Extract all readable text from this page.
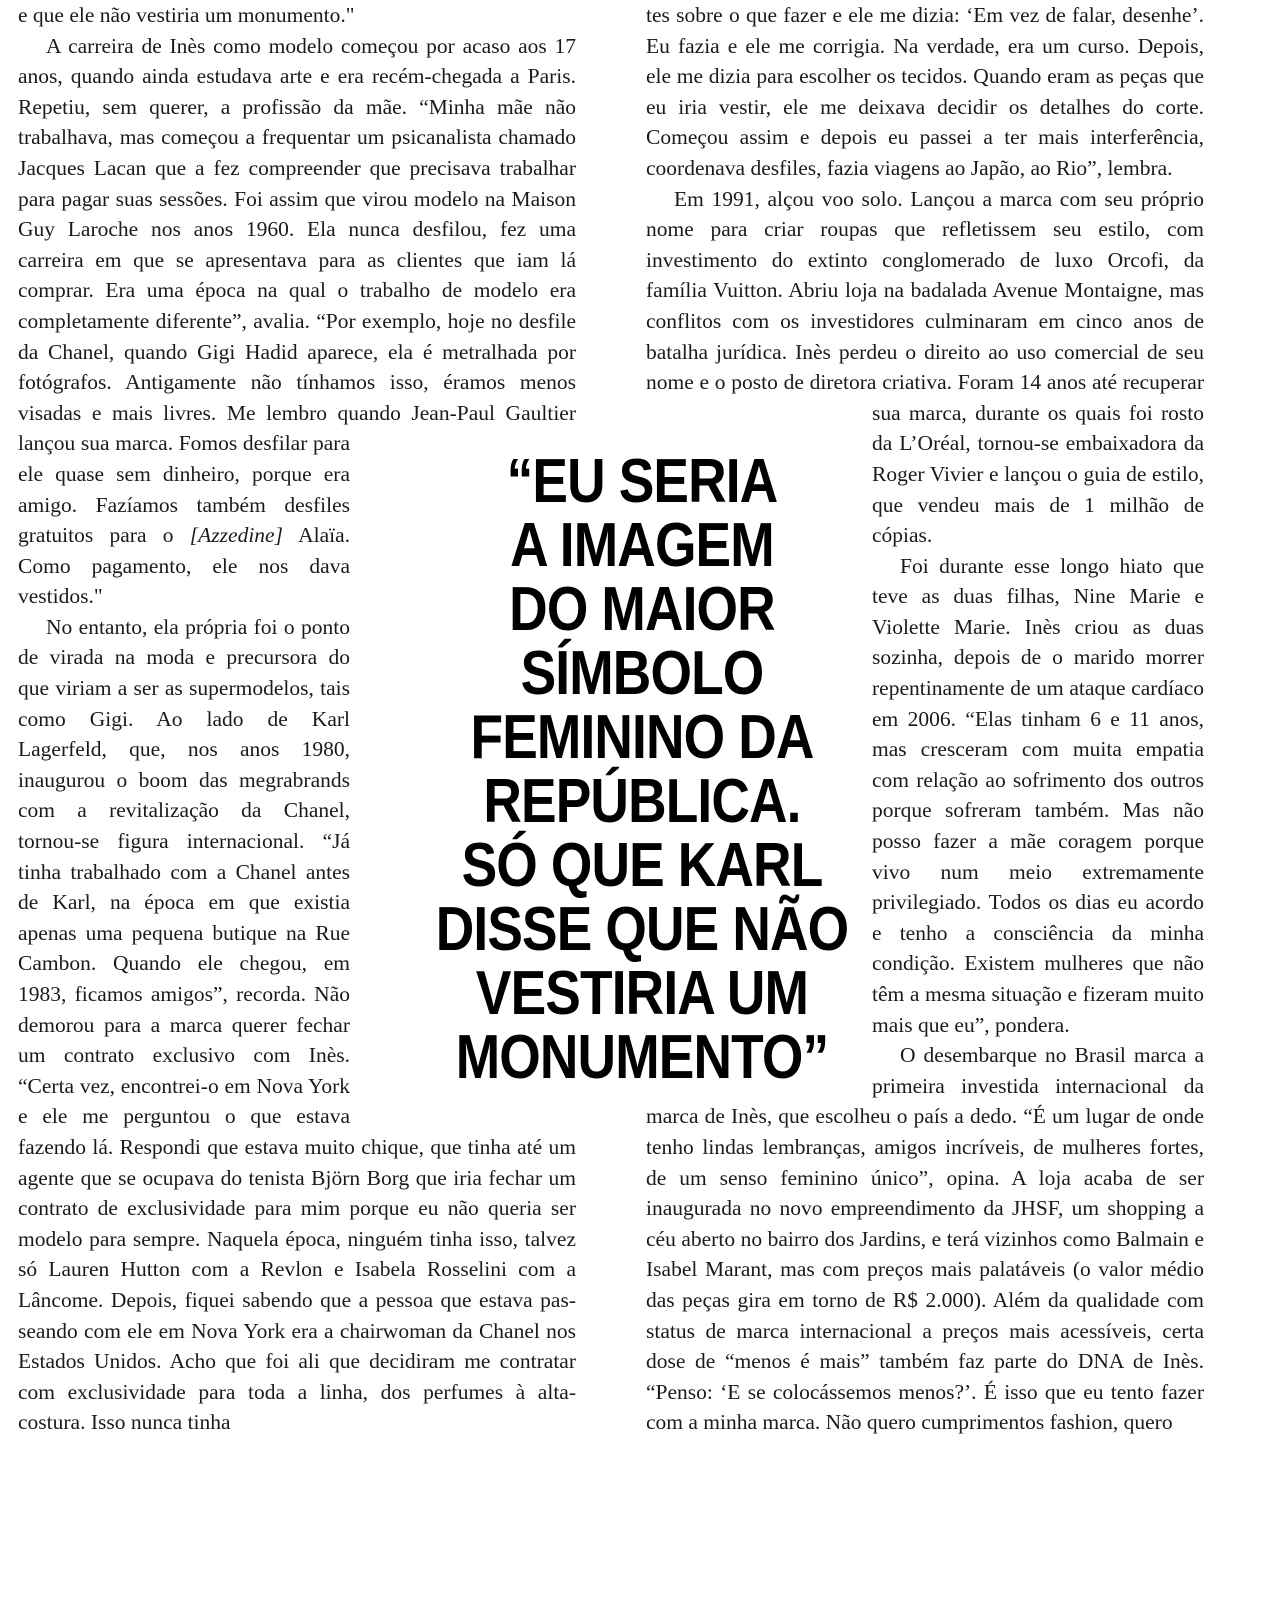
e que ele não vestiria um monumento."

A carreira de Inès como modelo começou por acaso aos 17 anos, quando ainda estudava arte e era recém-chegada a Paris. Repetiu, sem querer, a profissão da mãe. “Minha mãe não trabalhava, mas começou a frequentar um psicanalista chamado Jacques Lacan que a fez compreender que precisava trabalhar para pagar suas sessões. Foi assim que virou modelo na Maison Guy Laroche nos anos 1960. Ela nunca desfilou, fez uma carreira em que se apresentava para as clientes que iam lá comprar. Era uma época na qual o trabalho de modelo era completamente diferente”, avalia. “Por exemplo, hoje no desfile da Chanel, quando Gigi Hadid aparece, ela é metralhada por fotógrafos. Antigamente não tínhamos isso, éramos menos visadas e mais livres. Me lembro quando Jean-Paul Gaultier lançou sua marca. Fomos desfilar para ele quase sem dinheiro, porque era amigo. Fazíamos também desfiles gratuitos para o [Azzedine] Alaïa. Como pagamento, ele nos dava vestidos."

No entanto, ela própria foi o ponto de virada na moda e precursora do que viriam a ser as supermodelos, tais como Gigi. Ao lado de Karl Lagerfeld, que, nos anos 1980, inaugurou o boom das megrabrands com a revitalização da Chanel, tornou-se figura internacional. “Já tinha trabalhado com a Chanel antes de Karl, na época em que existia apenas uma pequena butique na Rue Cambon. Quando ele chegou, em 1983, ficamos amigos”, recorda. Não demorou para a marca querer fechar um contrato exclusivo com Inès. “Certa vez, encontrei-o em Nova York e ele me perguntou o que estava fazendo lá. Respondi que estava muito chique, que tinha até um agente que se ocupava do tenista Björn Borg que iria fechar um contrato de exclusividade para mim porque eu não queria ser modelo para sempre. Naquela época, ninguém tinha isso, talvez só Lauren Hutton com a Revlon e Isabela Rosselini com a Lâncome. Depois, fiquei sabendo que a pessoa que estava passeando com ele em Nova York era a chairwoman da Chanel nos Estados Unidos. Acho que foi ali que decidiram me contratar com exclusividade para toda a linha, dos perfumes à alta-costura. Isso nunca tinha

tes sobre o que fazer e ele me dizia: ‘Em vez de falar, desenhe’. Eu fazia e ele me corrigia. Na verdade, era um curso. Depois, ele me dizia para escolher os tecidos. Quando eram as peças que eu iria vestir, ele me deixava decidir os detalhes do corte. Começou assim e depois eu passei a ter mais interferência, coordenava desfiles, fazia viagens ao Japão, ao Rio”, lembra.

Em 1991, alçou voo solo. Lançou a marca com seu próprio nome para criar roupas que refletissem seu estilo, com investimento do extinto conglomerado de luxo Orcofi, da família Vuitton. Abriu loja na badalada Avenue Montaigne, mas conflitos com os investidores culminaram em cinco anos de batalha jurídica. Inès perdeu o direito ao uso comercial de seu nome e o posto de diretora criativa. Foram 14 anos até recuperar sua marca, durante os quais foi rosto da L’Oréal, tornou-se embaixadora da Roger Vivier e lançou o guia de estilo, que vendeu mais de 1 milhão de cópias.

Foi durante esse longo hiato que teve as duas filhas, Nine Marie e Violette Marie. Inès criou as duas sozinha, depois de o marido morrer repentinamente de um ataque cardíaco em 2006. “Elas tinham 6 e 11 anos, mas cresceram com muita empatia com relação ao sofrimento dos outros porque sofreram também. Mas não posso fazer a mãe coragem porque vivo num meio extremamente privilegiado. Todos os dias eu acordo e tenho a consciência da minha condição. Existem mulheres que não têm a mesma situação e fizeram muito mais que eu”, pondera.

O desembarque no Brasil marca a primeira investida internacional da marca de Inès, que escolheu o país a dedo. “É um lugar de onde tenho lindas lembranças, amigos incríveis, de mulheres fortes, de um senso feminino único”, opina. A loja acaba de ser inaugurada no novo empreendimento da JHSF, um shopping a céu aberto no bairro dos Jardins, e terá vizinhos como Balmain e Isabel Marant, mas com preços mais palatáveis (o valor médio das peças gira em torno de R$ 2.000). Além da qualidade com status de marca internacional a preços mais acessíveis, certa dose de “menos é mais” também faz parte do DNA de Inès. “Penso: ‘E se colocássemos menos?’. É isso que eu tento fazer com a minha marca. Não quero cumprimentos fashion, quero

“EU SERIA
A IMAGEM
DO MAIOR
SÍMBOLO
FEMININO DA
REPÚBLICA.
SÓ QUE KARL
DISSE QUE NÃO
VESTIRIA UM
MONUMENTO”
